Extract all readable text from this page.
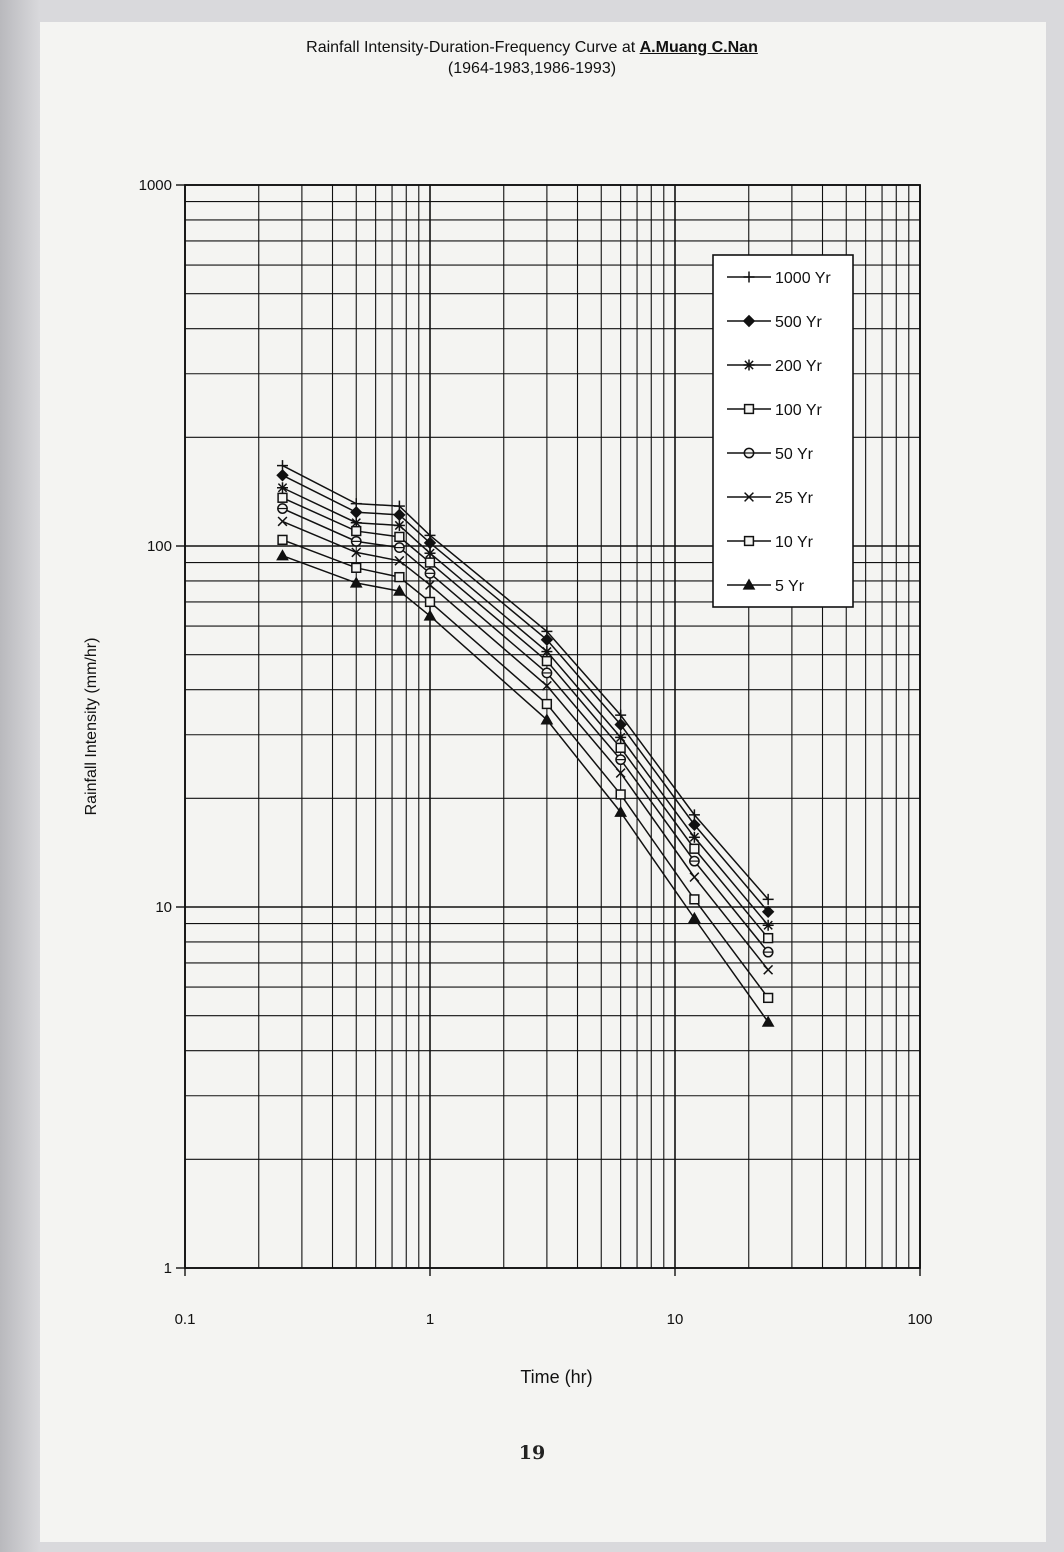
Rainfall Intensity-Duration-Frequency Curve at A.Muang C.Nan
(1964-1983,1986-1993)
1
10
100
1000
0.1	1	10	100
Time (hr)
Rainfall Intensity (mm/hr)
1000 Yr
500 Yr
200 Yr
100 Yr
50 Yr
25 Yr
10 Yr
5 Yr
19
